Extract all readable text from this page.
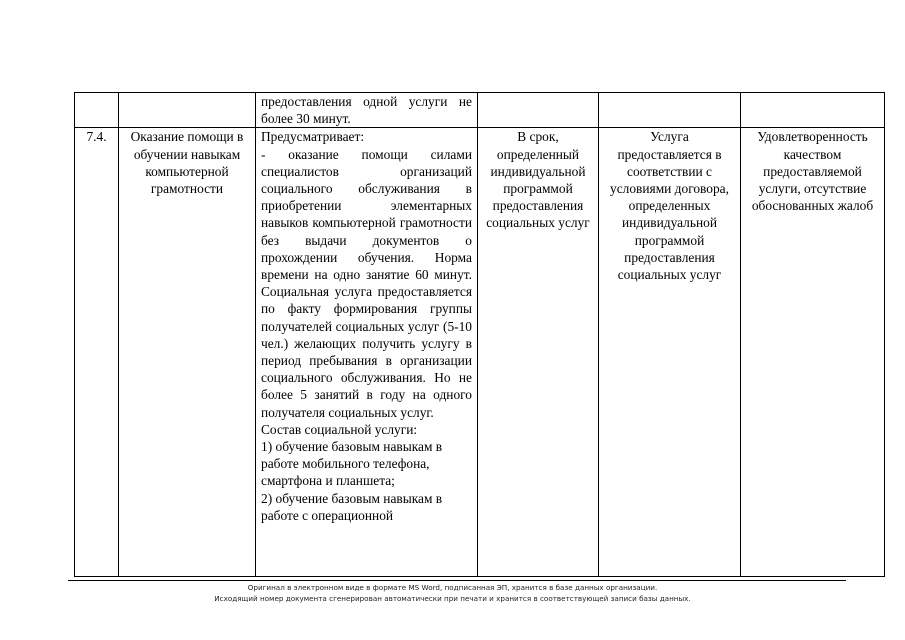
		предоставления одной услуги не более 30 минут.			
7.4.	Оказание помощи в обучении навыкам компьютерной грамотности	Предусматривает:
- оказание помощи силами специалистов организаций социального обслуживания в приобретении элементарных навыков компьютерной грамотности без выдачи документов о прохождении обучения. Норма времени на одно занятие 60 минут. Социальная услуга предоставляется по факту формирования группы получателей социальных услуг (5-10 чел.) желающих получить услугу в период пребывания в организации социального обслуживания. Но не более 5 занятий в году на одного получателя социальных услуг.
Состав социальной услуги:
1) обучение базовым навыкам в работе мобильного телефона, смартфона и планшета;
2) обучение базовым навыкам в работе с операционной	В срок, определенный индивидуальной программой предоставления социальных услуг	Услуга предоставляется в соответствии с условиями договора, определенных индивидуальной программой предоставления социальных услуг	Удовлетворенность качеством предоставляемой услуги, отсутствие обоснованных жалоб
Оригинал в электронном виде в формате MS Word, подписанная ЭП, хранится в базе данных организации.
Исходящий номер документа сгенерирован автоматически при печати и хранится в соответствующей записи базы данных.
